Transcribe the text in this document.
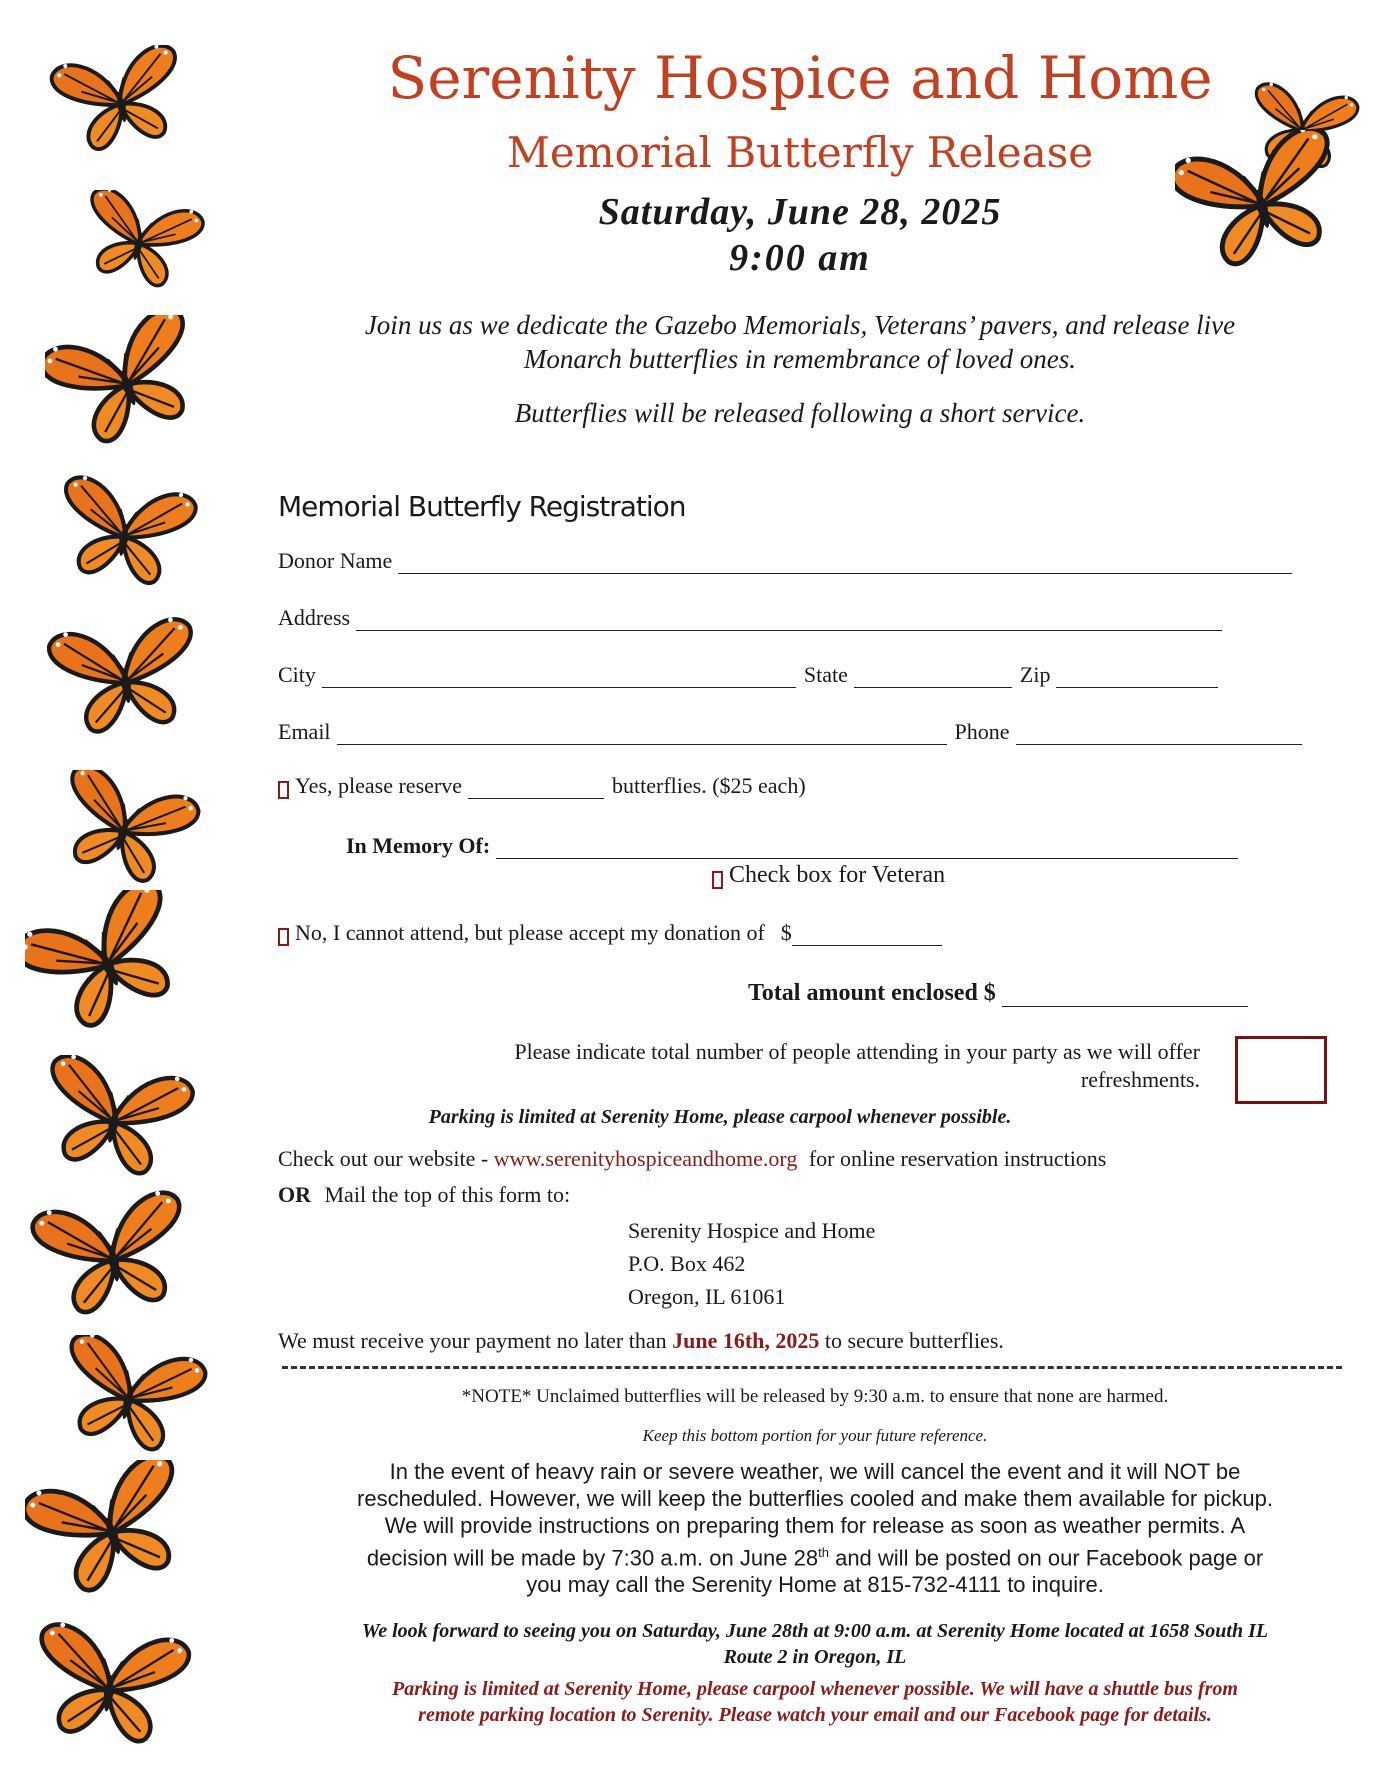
Serenity Hospice and Home
Memorial Butterfly Release
Saturday, June 28, 2025
9:00 am
Join us as we dedicate the Gazebo Memorials, Veterans’ pavers, and release live
Monarch butterflies in remembrance of loved ones.
Butterflies will be released following a short service.
Memorial Butterfly Registration
Donor Name
Address
City	State	Zip
Email	Phone
Yes, please reserve	butterflies. ($25 each)
In Memory Of:
Check box for Veteran
No, I cannot attend, but please accept my donation of $
Total amount enclosed $
Please indicate total number of people attending in your party as we will offer
refreshments.
Parking is limited at Serenity Home, please carpool whenever possible.
Check out our website - www.serenityhospiceandhome.org for online reservation instructions
OR Mail the top of this form to:
Serenity Hospice and Home
P.O. Box 462
Oregon, IL 61061
We must receive your payment no later than June 16th, 2025 to secure butterflies.
*NOTE* Unclaimed butterflies will be released by 9:30 a.m. to ensure that none are harmed.
Keep this bottom portion for your future reference.
In the event of heavy rain or severe weather, we will cancel the event and it will NOT be
rescheduled. However, we will keep the butterflies cooled and make them available for pickup.
We will provide instructions on preparing them for release as soon as weather permits. A
decision will be made by 7:30 a.m. on June 28th and will be posted on our Facebook page or
you may call the Serenity Home at 815-732-4111 to inquire.
We look forward to seeing you on Saturday, June 28th at 9:00 a.m. at Serenity Home located at 1658 South IL
Route 2 in Oregon, IL
Parking is limited at Serenity Home, please carpool whenever possible. We will have a shuttle bus from
remote parking location to Serenity. Please watch your email and our Facebook page for details.
